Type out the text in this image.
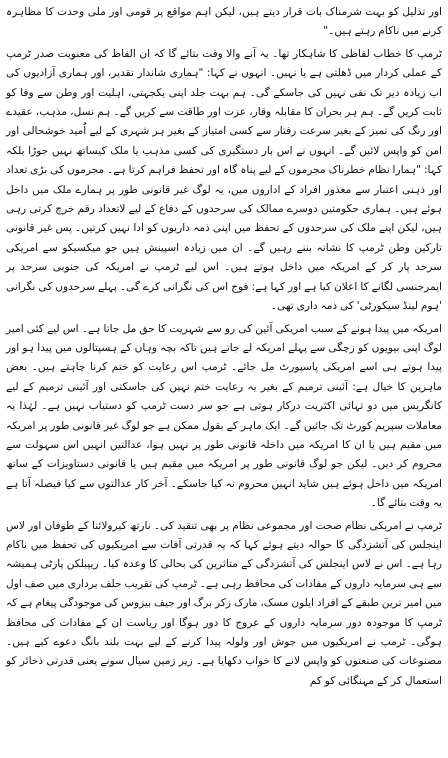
اور تذلیل کو بہت شرمناک بات قرار دیتے ہیں، لیکن اہم مواقع پر قومی اور ملی وحدت کا مظاہرہ کرنے میں ناکام رہتے ہیں۔"

ٹرمپ کا خطاب لفاظی کا شاہکار تھا۔ یہ آنے والا وقت بتائے گا کہ ان الفاظ کی معنویت صدر ٹرمپ کے عملی کردار میں ڈھلتی ہے یا نہیں۔ انہوں نے کہا: "ہماری شاندار تقدیر، اور ہماری آزادیوں کی اب زیادہ دیر تک نفی نہیں کی جاسکے گی۔ ہم بہت جلد اپنی یکجہتی، اہلیت اور وطن سے وفا کو ثابت کریں گے۔ ہم ہر بحران کا مقابلہ وقار، عزت اور طاقت سے کریں گے۔ ہم نسل، مذہب، عقیدے اور رنگ کی تمیز کے بغیر سرعت رفتار سے کسی امتیاز کے بغیر ہر شہری کے لیے اُمید خوشحالی اور امن کو واپس لائیں گے۔ انہوں نے اس بار دستگیری کی کسی مذہب یا ملک کیساتھ نہیں جوڑا بلکہ کہا: "ہمارا نظام خطرناک مجرموں کے لیے پناہ گاہ اور تحفظ فراہم کرتا ہے۔ مجرموں کی بڑی تعداد اور ذہنی اعتبار سے معذور افراد کے اداروں میں، یہ لوگ غیر قانونی طور پر ہمارے ملک میں داخل ہوئے ہیں۔ ہماری حکومتیں دوسرے ممالک کی سرحدوں کے دفاع کے لیے لاتعداد رقم خرچ کرتی رہی ہیں، لیکن اپنے ملک کی سرحدوں کے تحفظ میں اپنی ذمہ داریوں کو ادا نہیں کرتیں۔ پس غیر قانونی تارکین وطن ٹرمپ کا نشانہ بننے رہیں گے۔ ان میں زیادہ اسپینش ہیں جو میکسیکو سے امریکی سرحد پار کر کے امریکہ میں داخل ہوتے ہیں۔ اس لیے ٹرمپ نے امریکہ کی جنوبی سرحد پر ایمرجنسی لگانے کا اعلان کیا ہے اور کہا ہے: فوج اس کی نگرانی کرے گی۔ پہلے سرحدوں کی نگرانی 'ہوم لینڈ سیکورٹی' کی ذمہ داری تھی۔

امریکہ میں پیدا ہونے کے سبب امریکی آئین کی رو سے شہریت کا حق مل جاتا ہے۔ اس لیے کئی امیر لوگ اپنی بیویوں کو زچگی سے پہلے امریکہ لے جاتے ہیں تاکہ بچہ وہاں کے ہسپتالوں میں پیدا ہو اور پیدا ہوتے ہی اسے امریکی پاسپورٹ مل جائے۔ ٹرمپ اس رعایت کو ختم کرنا چاہتے ہیں۔ بعض ماہرین کا خیال ہے: آئینی ترمیم کے بغیر یہ رعایت ختم نہیں کی جاسکتی اور آئینی ترمیم کے لیے کانگریس میں دو تہائی اکثریت درکار ہوتی ہے جو سر دست ٹرمپ کو دستیاب نہیں ہے۔ لہٰذا یہ معاملات سپریم کورٹ تک جائیں گے۔ ایک ماہر کے بقول ممکن ہے جو لوگ غیر قانونی طور پر امریکہ میں مقیم ہیں یا ان کا امریکہ میں داخلہ قانونی طور پر نہیں ہوا، عدالتیں انہیں اس سہولت سے محروم کر دیں۔ لیکن جو لوگ قانونی طور پر امریکہ میں مقیم ہیں یا قانونی دستاویزات کے ساتھ امریکہ میں داخل ہوئے ہیں شاید انہیں محروم نہ کیا جاسکے۔ آخر کار عدالتوں سے کیا فیصلہ آتا ہے یہ وقت بتائے گا۔

ٹرمپ نے امریکی نظام صحت اور مجموعی نظام پر بھی تنقید کی۔ نارتھ کیرولائنا کے طوفان اور لاس اینجلس کی آتشزدگی کا حوالہ دیتے ہوئے کہا کہ یہ قدرتی آفات سے امریکیوں کی تحفظ میں ناکام رہا ہے۔ اس نے لاس اینجلس کی آتشزدگی کے متاثرین کی بحالی کا وعدہ کیا۔ ریپبلکن پارٹی ہمیشہ سے ہی سرمایہ داروں کے مفادات کی محافظ رہی ہے۔ ٹرمپ کی تقریب حلف برداری میں صف اول میں امیر ترین طبقے کے افراد ایلون مسک، مارک زکر برگ اور جیف بیزوس کی موجودگی پیغام ہے کہ ٹرمپ کا موجودہ دور سرمایہ داروں کے عروج کا دور ہوگا اور ریاست ان کے مفادات کی محافظ ہوگی۔ ٹرمپ نے امریکیوں میں جوش اور ولولہ پیدا کرنے کے لیے بہت بلند بانگ دعوے کیے ہیں۔ مصنوعات کی صنعتوں کو واپس لانے کا خواب دکھایا ہے۔ زیر زمین سیال سونے یعنی قدرتی ذخائر کو استعمال کر کے مہنگائی کو کم
